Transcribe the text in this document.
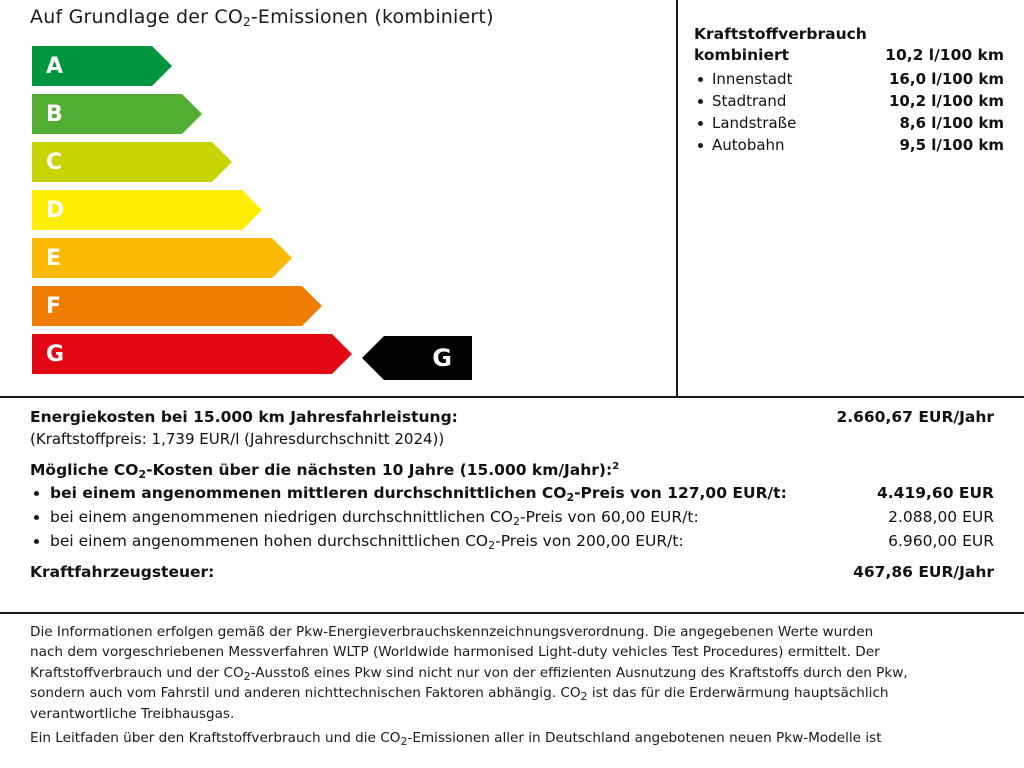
Auf Grundlage der $CO_2$-Emissionen (kombiniert)
A
B
C
D
E
F
G	G
Kraftstoffverbrauch
kombiniert	10,2 l/100 km
Innenstadt	16,0 l/100 km
Stadtrand	10,2 l/100 km
Landstraße	8,6 l/100 km
Autobahn	9,5 l/100 km
Energiekosten bei 15.000 km Jahresfahrleistung:	2.660,67 EUR/Jahr
(Kraftstoffpreis: 1,739 EUR/l (Jahresdurchschnitt 2024))
Mögliche $CO_2$-Kosten über die nächsten 10 Jahre (15.000 km/Jahr):$^2$
bei einem angenommenen mittleren durchschnittlichen $CO_2$-Preis von 127,00 EUR/t:	4.419,60 EUR
bei einem angenommenen niedrigen durchschnittlichen $CO_2$-Preis von 60,00 EUR/t:	2.088,00 EUR
bei einem angenommenen hohen durchschnittlichen $CO_2$-Preis von 200,00 EUR/t:	6.960,00 EUR
Kraftfahrzeugsteuer:	467,86 EUR/Jahr

Die Informationen erfolgen gemäß der Pkw-Energieverbrauchskennzeichnungsverordnung. Die angegebenen Werte wurden
nach dem vorgeschriebenen Messverfahren WLTP (Worldwide harmonised Light-duty vehicles Test Procedures) ermittelt. Der
Kraftstoffverbrauch und der $CO_2$-Ausstoß eines Pkw sind nicht nur von der effizienten Ausnutzung des Kraftstoffs durch den Pkw,
sondern auch vom Fahrstil und anderen nichttechnischen Faktoren abhängig. $CO_2$ ist das für die Erderwärmung hauptsächlich
verantwortliche Treibhausgas.

Ein Leitfaden über den Kraftstoffverbrauch und die $CO_2$-Emissionen aller in Deutschland angebotenen neuen Pkw-Modelle ist
